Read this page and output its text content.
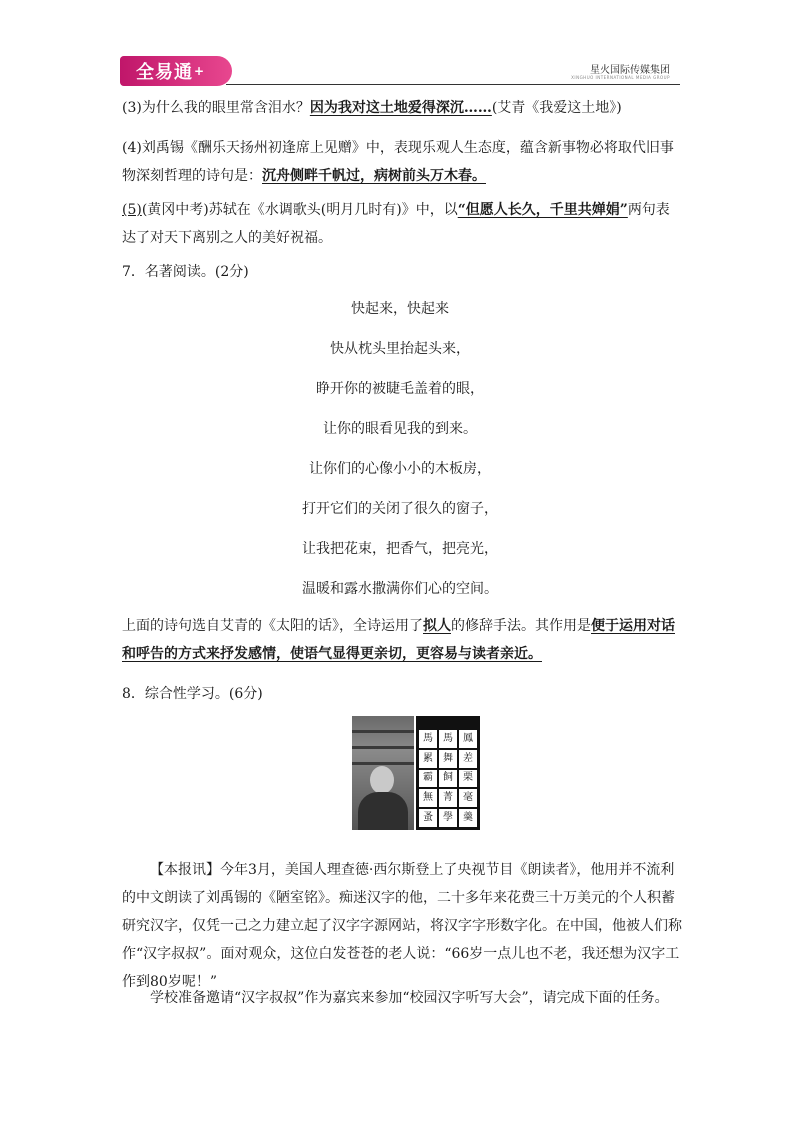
全易通 +	星火国际传媒集团
XINGHUO INTERNATIONAL MEDIA GROUP
(3)为什么我的眼里常含泪水？因为我对这土地爱得深沉……(艾青《我爱这土地》)
(4)刘禹锡《酬乐天扬州初逢席上见赠》中，表现乐观人生态度，蕴含新事物必将取代旧事物深刻哲理的诗句是：沉舟侧畔千帆过，病树前头万木春。
(5)(黄冈中考)苏轼在《水调歌头(明月几时有)》中，以“但愿人长久，千里共婵娟”两句表达了对天下离别之人的美好祝福。
7．名著阅读。(2分)
快起来，快起来
快从枕头里抬起头来，
睁开你的被睫毛盖着的眼，
让你的眼看见我的到来。
让你们的心像小小的木板房，
打开它们的关闭了很久的窗子，
让我把花束，把香气，把亮光，
温暖和露水撒满你们心的空间。
上面的诗句选自艾青的《太阳的话》，全诗运用了拟人的修辞手法。其作用是便于运用对话和呼告的方式来抒发感情，使语气显得更亲切，更容易与读者亲近。
8．综合性学习。(6分)
馬	馬	鳳
累	舞	差
霸	飼	栗
無	菁	毫
蚤	學	羹
【本报讯】今年3月，美国人理查德·西尔斯登上了央视节目《朗读者》，他用并不流利的中文朗读了刘禹锡的《陋室铭》。痴迷汉字的他，二十多年来花费三十万美元的个人积蓄研究汉字，仅凭一己之力建立起了汉字字源网站，将汉字字形数字化。在中国，他被人们称作“汉字叔叔”。面对观众，这位白发苍苍的老人说：“66岁一点儿也不老，我还想为汉字工作到80岁呢！”
学校准备邀请“汉字叔叔”作为嘉宾来参加“校园汉字听写大会”，请完成下面的任务。
